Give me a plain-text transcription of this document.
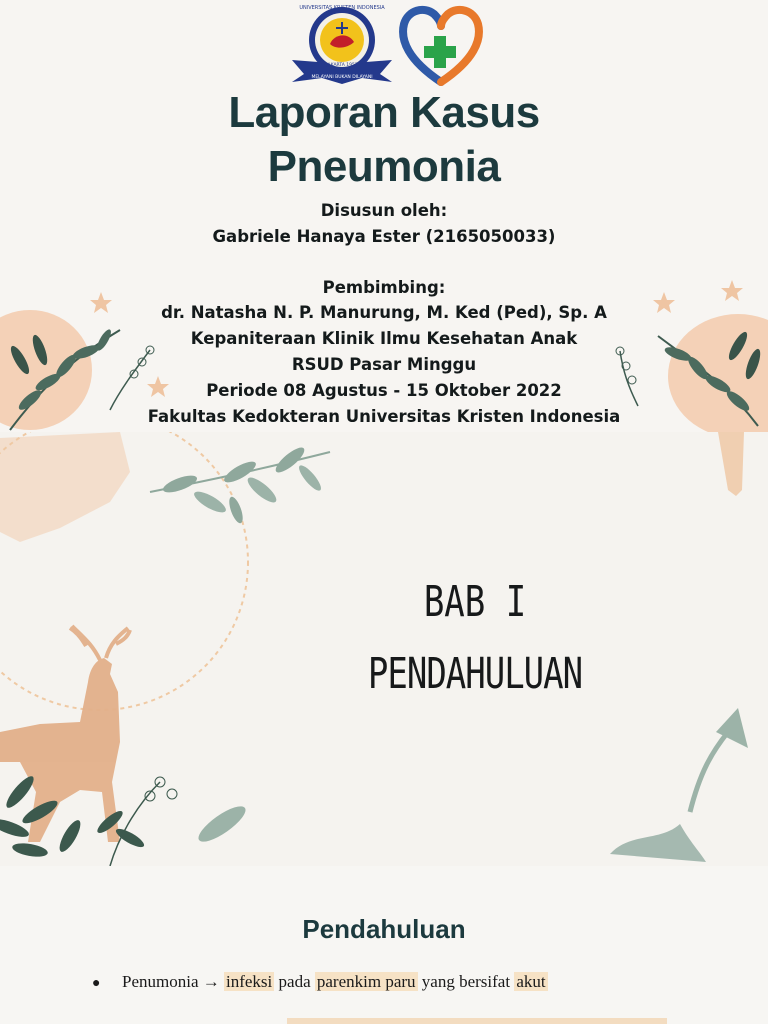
UNIVERSITAS KRISTEN INDONESIA
JAKARTA 1953
MELAYANI BUKAN DILAYANI
Laporan Kasus
Pneumonia
Disusun oleh:
Gabriele Hanaya Ester (2165050033)
Pembimbing:
dr. Natasha N. P. Manurung, M. Ked (Ped), Sp. A
Kepaniteraan Klinik Ilmu Kesehatan Anak
RSUD Pasar Minggu
Periode 08 Agustus - 15 Oktober 2022
Fakultas Kedokteran Universitas Kristen Indonesia
BAB I
PENDAHULUAN
Pendahuluan
● Penumonia → infeksi pada parenkim paru yang bersifat akut
